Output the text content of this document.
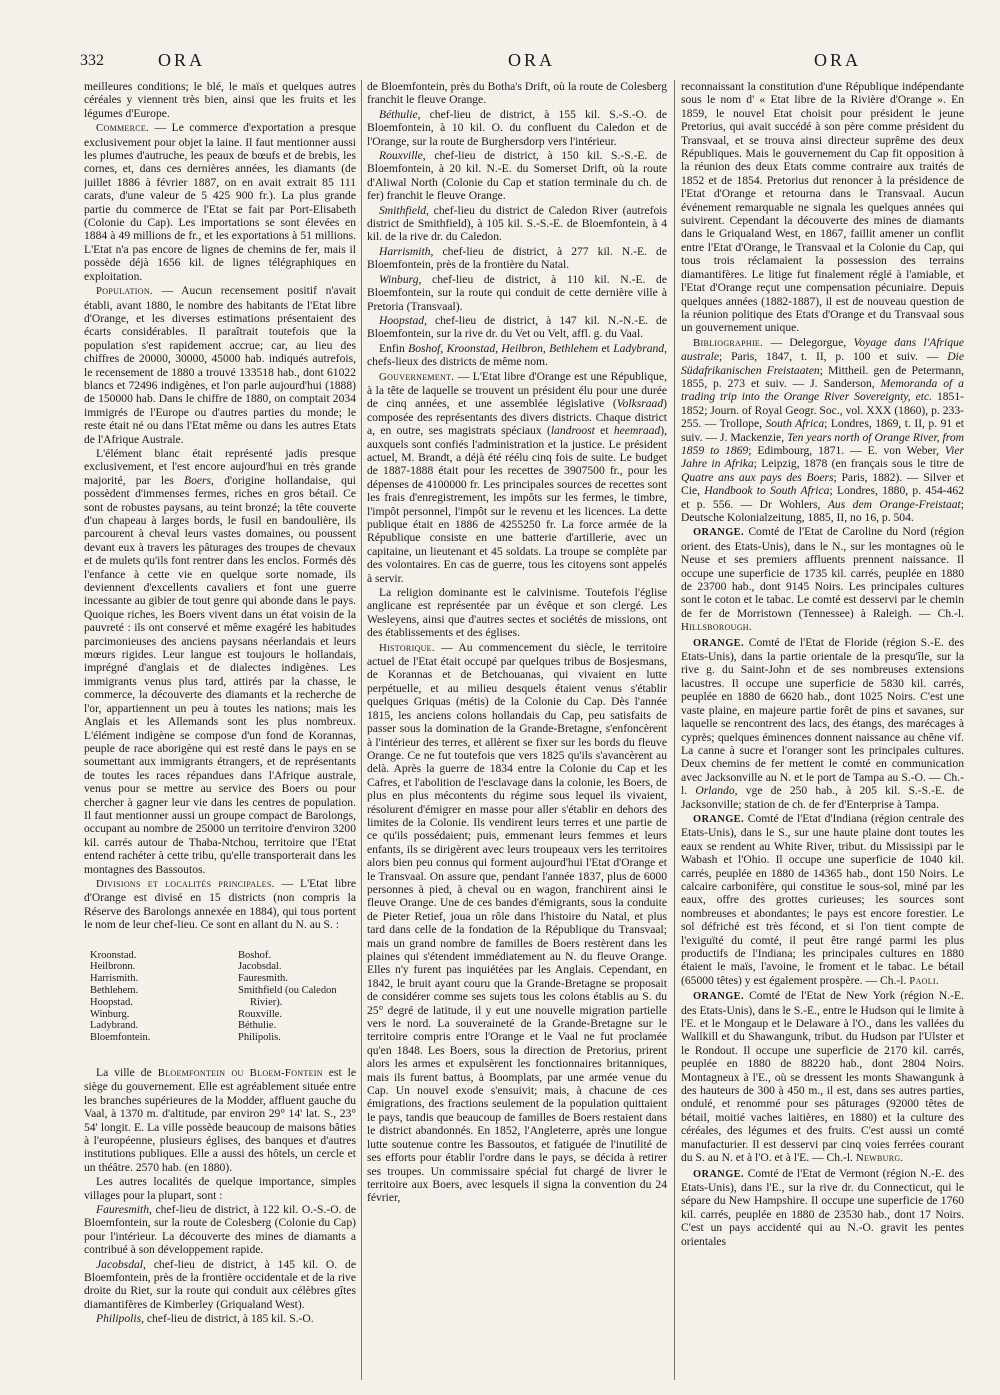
332	ORA	ORA	ORA

meilleures conditions; le blé, le maïs et quelques autres céréales y viennent très bien, ainsi que les fruits et les légumes d'Europe.

Commerce. — Le commerce d'exportation a presque exclusivement pour objet la laine. Il faut mentionner aussi les plumes d'autruche, les peaux de bœufs et de brebis, les cornes, et, dans ces dernières années, les diamants (de juillet 1886 à février 1887, on en avait extrait 85 111 carats, d'une valeur de 5 425 900 fr.). La plus grande partie du commerce de l'Etat se fait par Port-Elisabeth (Colonie du Cap). Les importations se sont élevées en 1884 à 49 millions de fr., et les exportations à 51 millions. L'Etat n'a pas encore de lignes de chemins de fer, mais il possède déjà 1656 kil. de lignes télégraphiques en exploitation.

Population. — Aucun recensement positif n'avait établi, avant 1880, le nombre des habitants de l'Etat libre d'Orange, et les diverses estimations présentaient des écarts considérables. Il paraîtrait toutefois que la population s'est rapidement accrue; car, au lieu des chiffres de 20000, 30000, 45000 hab. indiqués autrefois, le recensement de 1880 a trouvé 133518 hab., dont 61022 blancs et 72496 indigènes, et l'on parle aujourd'hui (1888) de 150000 hab. Dans le chiffre de 1880, on comptait 2034 immigrés de l'Europe ou d'autres parties du monde; le reste était né ou dans l'Etat même ou dans les autres Etats de l'Afrique Australe.

L'élément blanc était représenté jadis presque exclusivement, et l'est encore aujourd'hui en très grande majorité, par les Boers, d'origine hollandaise, qui possèdent d'immenses fermes, riches en gros bétail. Ce sont de robustes paysans, au teint bronzé; la tête couverte d'un chapeau à larges bords, le fusil en bandoulière, ils parcourent à cheval leurs vastes domaines, ou poussent devant eux à travers les pâturages des troupes de chevaux et de mulets qu'ils font rentrer dans les enclos. Formés dès l'enfance à cette vie en quelque sorte nomade, ils deviennent d'excellents cavaliers et font une guerre incessante au gibier de tout genre qui abonde dans le pays. Quoique riches, les Boers vivent dans un état voisin de la pauvreté : ils ont conservé et même exagéré les habitudes parcimonieuses des anciens paysans néerlandais et leurs mœurs rigides. Leur langue est toujours le hollandais, imprégné d'anglais et de dialectes indigènes. Les immigrants venus plus tard, attirés par la chasse, le commerce, la découverte des diamants et la recherche de l'or, appartiennent un peu à toutes les nations; mais les Anglais et les Allemands sont les plus nombreux. L'élément indigène se compose d'un fond de Korannas, peuple de race aborigène qui est resté dans le pays en se soumettant aux immigrants étrangers, et de représentants de toutes les races répandues dans l'Afrique australe, venus pour se mettre au service des Boers ou pour chercher à gagner leur vie dans les centres de population. Il faut mentionner aussi un groupe compact de Barolongs, occupant au nombre de 25000 un territoire d'environ 3200 kil. carrés autour de Thaba-Ntchou, territoire que l'Etat entend rachéter à cette tribu, qu'elle transporterait dans les montagnes des Bassoutos.

Divisions et localités principales. — L'Etat libre d'Orange est divisé en 15 districts (non compris la Réserve des Barolongs annexée en 1884), qui tous portent le nom de leur chef-lieu. Ce sont en allant du N. au S. :

Kroonstad.	Boshof.
Heilbronn.	Jacobsdal.
Harrismith.	Fauresmith.
Bethlehem.	Smithfield (ou Caledon
Hoopstad.	Rivier).
Winburg.	Rouxville.
Ladybrand.	Béthulie.
Bloemfontein.	Philipolis.

La ville de Bloemfontein ou Bloem-Fontein est le siège du gouvernement. Elle est agréablement située entre les branches supérieures de la Modder, affluent gauche du Vaal, à 1370 m. d'altitude, par environ 29° 14' lat. S., 23° 54' longit. E. La ville possède beaucoup de maisons bâties à l'européenne, plusieurs églises, des banques et d'autres institutions publiques. Elle a aussi des hôtels, un cercle et un théâtre. 2570 hab. (en 1880).

Les autres localités de quelque importance, simples villages pour la plupart, sont :

Fauresmith, chef-lieu de district, à 122 kil. O.-S.-O. de Bloemfontein, sur la route de Colesberg (Colonie du Cap) pour l'intérieur. La découverte des mines de diamants a contribué à son développement rapide.

Jacobsdal, chef-lieu de district, à 145 kil. O. de Bloemfontein, près de la frontière occidentale et de la rive droite du Riet, sur la route qui conduit aux célèbres gîtes diamantifères de Kimberley (Griqualand West).

Philipolis, chef-lieu de district, à 185 kil. S.-O.

de Bloemfontein, près du Botha's Drift, où la route de Colesberg franchit le fleuve Orange.

Béthulie, chef-lieu de district, à 155 kil. S.-S.-O. de Bloemfontein, à 10 kil. O. du confluent du Caledon et de l'Orange, sur la route de Burghersdorp vers l'intérieur.

Rouxville, chef-lieu de district, à 150 kil. S.-S.-E. de Bloemfontein, à 20 kil. N.-E. du Somerset Drift, où la route d'Aliwal North (Colonie du Cap et station terminale du ch. de fer) franchit le fleuve Orange.

Smithfield, chef-lieu du district de Caledon River (autrefois district de Smithfield), à 105 kil. S.-S.-E. de Bloemfontein, à 4 kil. de la rive dr. du Caledon.

Harrismith, chef-lieu de district, à 277 kil. N.-E. de Bloemfontein, près de la frontière du Natal.

Winburg, chef-lieu de district, à 110 kil. N.-E. de Bloemfontein, sur la route qui conduit de cette dernière ville à Pretoria (Transvaal).

Hoopstad, chef-lieu de district, à 147 kil. N.-N.-E. de Bloemfontein, sur la rive dr. du Vet ou Velt, affl. g. du Vaal.

Enfin Boshof, Kroonstad, Heilbron, Bethlehem et Ladybrand, chefs-lieux des districts de même nom.

Gouvernement. — L'Etat libre d'Orange est une République, à la tête de laquelle se trouvent un président élu pour une durée de cinq années, et une assemblée législative (Volksraad) composée des représentants des divers districts. Chaque district a, en outre, ses magistrats spéciaux (landroost et heemraad), auxquels sont confiés l'administration et la justice. Le président actuel, M. Brandt, a déjà été réélu cinq fois de suite. Le budget de 1887-1888 était pour les recettes de 3907500 fr., pour les dépenses de 4100000 fr. Les principales sources de recettes sont les frais d'enregistrement, les impôts sur les fermes, le timbre, l'impôt personnel, l'impôt sur le revenu et les licences. La dette publique était en 1886 de 4255250 fr. La force armée de la République consiste en une batterie d'artillerie, avec un capitaine, un lieutenant et 45 soldats. La troupe se complète par des volontaires. En cas de guerre, tous les citoyens sont appelés à servir.

La religion dominante est le calvinisme. Toutefois l'église anglicane est représentée par un évêque et son clergé. Les Wesleyens, ainsi que d'autres sectes et sociétés de missions, ont des établissements et des églises.

Historique. — Au commencement du siècle, le territoire actuel de l'Etat était occupé par quelques tribus de Bosjesmans, de Korannas et de Betchouanas, qui vivaient en lutte perpétuelle, et au milieu desquels étaient venus s'établir quelques Griquas (métis) de la Colonie du Cap. Dès l'année 1815, les anciens colons hollandais du Cap, peu satisfaits de passer sous la domination de la Grande-Bretagne, s'enfoncèrent à l'intérieur des terres, et allèrent se fixer sur les bords du fleuve Orange. Ce ne fut toutefois que vers 1825 qu'ils s'avancèrent au delà. Après la guerre de 1834 entre la Colonie du Cap et les Cafres, et l'abolition de l'esclavage dans la colonie, les Boers, de plus en plus mécontents du régime sous lequel ils vivaient, résolurent d'émigrer en masse pour aller s'établir en dehors des limites de la Colonie. Ils vendirent leurs terres et une partie de ce qu'ils possédaient; puis, emmenant leurs femmes et leurs enfants, ils se dirigèrent avec leurs troupeaux vers les territoires alors bien peu connus qui forment aujourd'hui l'Etat d'Orange et le Transvaal. On assure que, pendant l'année 1837, plus de 6000 personnes à pied, à cheval ou en wagon, franchirent ainsi le fleuve Orange. Une de ces bandes d'émigrants, sous la conduite de Pieter Retief, joua un rôle dans l'histoire du Natal, et plus tard dans celle de la fondation de la République du Transvaal; mais un grand nombre de familles de Boers restèrent dans les plaines qui s'étendent immédiatement au N. du fleuve Orange. Elles n'y furent pas inquiétées par les Anglais. Cependant, en 1842, le bruit ayant couru que la Grande-Bretagne se proposait de considérer comme ses sujets tous les colons établis au S. du 25° degré de latitude, il y eut une nouvelle migration partielle vers le nord. La souveraineté de la Grande-Bretagne sur le territoire compris entre l'Orange et le Vaal ne fut proclamée qu'en 1848. Les Boers, sous la direction de Pretorius, prirent alors les armes et expulsèrent les fonctionnaires britanniques, mais ils furent battus, à Boomplats, par une armée venue du Cap. Un nouvel exode s'ensuivit; mais, à chacune de ces émigrations, des fractions seulement de la population quittaient le pays, tandis que beaucoup de familles de Boers restaient dans le district abandonnés. En 1852, l'Angleterre, après une longue lutte soutenue contre les Bassoutos, et fatiguée de l'inutilité de ses efforts pour établir l'ordre dans le pays, se décida à retirer ses troupes. Un commissaire spécial fut chargé de livrer le territoire aux Boers, avec lesquels il signa la convention du 24 février,

reconnaissant la constitution d'une République indépendante sous le nom d' « Etat libre de la Rivière d'Orange ». En 1859, le nouvel Etat choisit pour président le jeune Pretorius, qui avait succédé à son père comme président du Transvaal, et se trouva ainsi directeur suprême des deux Républiques. Mais le gouvernement du Cap fit opposition à la réunion des deux Etats comme contraire aux traités de 1852 et de 1854. Pretorius dut renoncer à la présidence de l'Etat d'Orange et retourna dans le Transvaal. Aucun événement remarquable ne signala les quelques années qui suivirent. Cependant la découverte des mines de diamants dans le Griqualand West, en 1867, faillit amener un conflit entre l'Etat d'Orange, le Transvaal et la Colonie du Cap, qui tous trois réclamaient la possession des terrains diamantifères. Le litige fut finalement réglé à l'amiable, et l'Etat d'Orange reçut une compensation pécuniaire. Depuis quelques années (1882-1887), il est de nouveau question de la réunion politique des Etats d'Orange et du Transvaal sous un gouvernement unique.

Bibliographie. — Delegorgue, Voyage dans l'Afrique australe; Paris, 1847, t. II, p. 100 et suiv. — Die Südafrikanischen Freistaaten; Mittheil. gen de Petermann, 1855, p. 273 et suiv. — J. Sanderson, Memoranda of a trading trip into the Orange River Sovereignty, etc. 1851-1852; Journ. of Royal Geogr. Soc., vol. XXX (1860), p. 233-255. — Trollope, South Africa; Londres, 1869, t. II, p. 91 et suiv. — J. Mackenzie, Ten years north of Orange River, from 1859 to 1869; Edimbourg, 1871. — E. von Weber, Vier Jahre in Afrika; Leipzig, 1878 (en français sous le titre de Quatre ans aux pays des Boers; Paris, 1882). — Silver et Cie, Handbook to South Africa; Londres, 1880, p. 454-462 et p. 556. — Dr Wohlers, Aus dem Orange-Freistaat; Deutsche Kolonialzeitung, 1885, II, no 16, p. 504.

ORANGE. Comté de l'Etat de Caroline du Nord (région orient. des Etats-Unis), dans le N., sur les montagnes où le Neuse et ses premiers affluents prennent naissance. Il occupe une superficie de 1735 kil. carrés, peuplée en 1880 de 23700 hab., dont 9145 Noirs. Les principales cultures sont le coton et le tabac. Le comté est desservi par le chemin de fer de Morristown (Tennessee) à Raleigh. — Ch.-l. Hillsborough.

ORANGE. Comté de l'Etat de Floride (région S.-E. des Etats-Unis), dans la partie orientale de la presqu'île, sur la rive g. du Saint-John et de ses nombreuses extensions lacustres. Il occupe une superficie de 5830 kil. carrés, peuplée en 1880 de 6620 hab., dont 1025 Noirs. C'est une vaste plaine, en majeure partie forêt de pins et savanes, sur laquelle se rencontrent des lacs, des étangs, des marécages à cyprès; quelques éminences donnent naissance au chêne vif. La canne à sucre et l'oranger sont les principales cultures. Deux chemins de fer mettent le comté en communication avec Jacksonville au N. et le port de Tampa au S.-O. — Ch.-l. Orlando, vge de 250 hab., à 205 kil. S.-S.-E. de Jacksonville; station de ch. de fer d'Enterprise à Tampa.

ORANGE. Comté de l'Etat d'Indiana (région centrale des Etats-Unis), dans le S., sur une haute plaine dont toutes les eaux se rendent au White River, tribut. du Mississipi par le Wabash et l'Ohio. Il occupe une superficie de 1040 kil. carrés, peuplée en 1880 de 14365 hab., dont 150 Noirs. Le calcaire carbonifère, qui constitue le sous-sol, miné par les eaux, offre des grottes curieuses; les sources sont nombreuses et abondantes; le pays est encore forestier. Le sol défriché est très fécond, et si l'on tient compte de l'exiguïté du comté, il peut être rangé parmi les plus productifs de l'Indiana; les principales cultures en 1880 étaient le maïs, l'avoine, le froment et le tabac. Le bétail (65000 têtes) y est également prospère. — Ch.-l. Paoli.

ORANGE. Comté de l'Etat de New York (région N.-E. des Etats-Unis), dans le S.-E., entre le Hudson qui le limite à l'E. et le Mongaup et le Delaware à l'O., dans les vallées du Wallkill et du Shawangunk, tribut. du Hudson par l'Ulster et le Rondout. Il occupe une superficie de 2170 kil. carrés, peuplée en 1880 de 88220 hab., dont 2804 Noirs. Montagneux à l'E., où se dressent les monts Shawangunk à des hauteurs de 300 à 450 m., il est, dans ses autres parties, ondulé, et renommé pour ses pâturages (92000 têtes de bétail, moitié vaches laitières, en 1880) et la culture des céréales, des légumes et des fruits. C'est aussi un comté manufacturier. Il est desservi par cinq voies ferrées courant du S. au N. et à l'O. et à l'E. — Ch.-l. Newburg.

ORANGE. Comté de l'Etat de Vermont (région N.-E. des Etats-Unis), dans l'E., sur la rive dr. du Connecticut, qui le sépare du New Hampshire. Il occupe une superficie de 1760 kil. carrés, peuplée en 1880 de 23530 hab., dont 17 Noirs. C'est un pays accidenté qui au N.-O. gravit les pentes orientales
